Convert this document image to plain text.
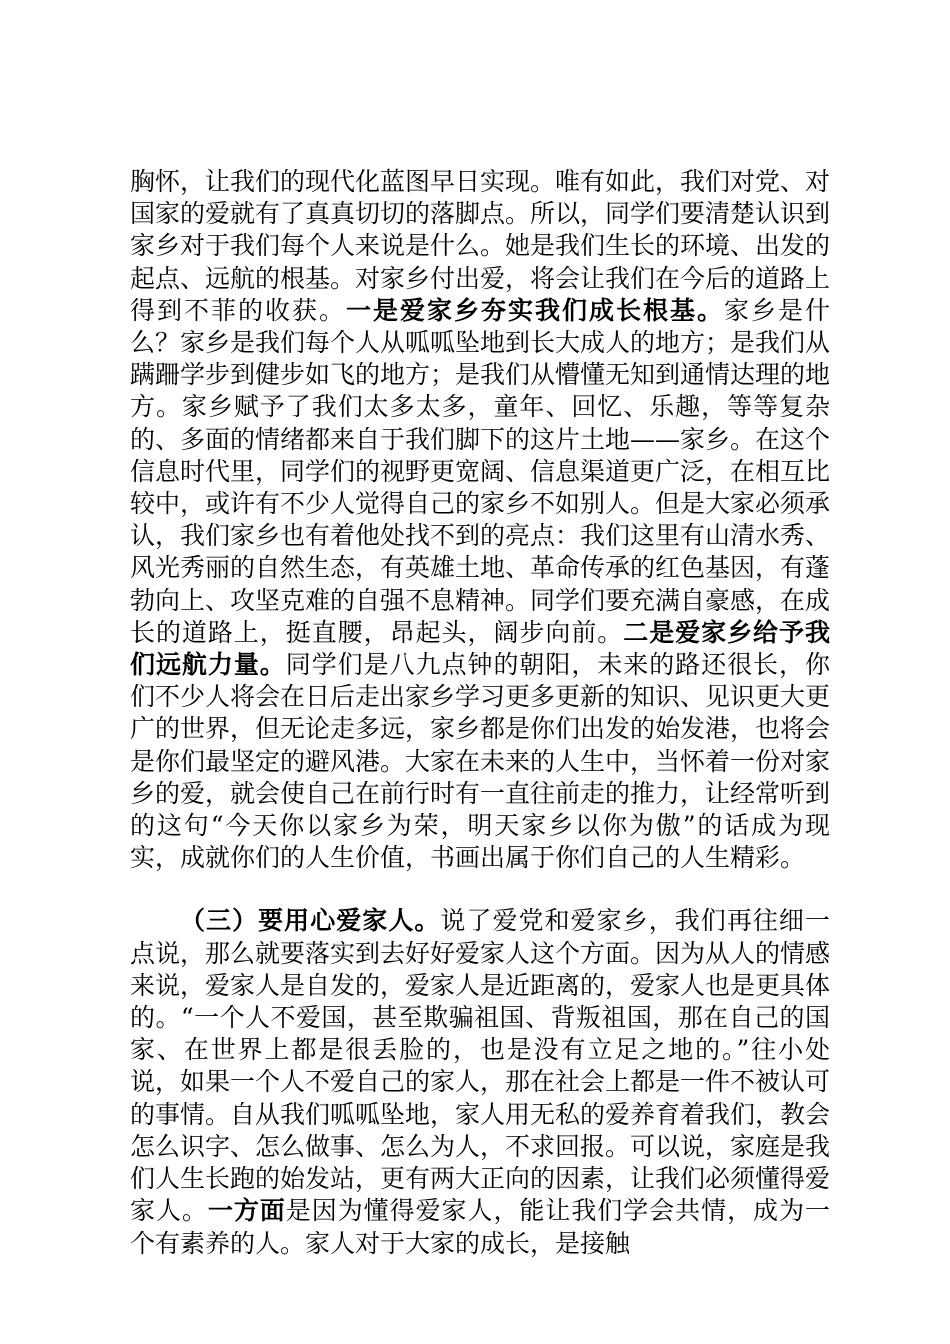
胸怀，让我们的现代化蓝图早日实现。唯有如此，我们对党、对国家的爱就有了真真切切的落脚点。所以，同学们要清楚认识到家乡对于我们每个人来说是什么。她是我们生长的环境、出发的起点、远航的根基。对家乡付出爱，将会让我们在今后的道路上得到不菲的收获。一是爱家乡夯实我们成长根基。家乡是什么？家乡是我们每个人从呱呱坠地到长大成人的地方；是我们从蹒跚学步到健步如飞的地方；是我们从懵懂无知到通情达理的地方。家乡赋予了我们太多太多，童年、回忆、乐趣，等等复杂的、多面的情绪都来自于我们脚下的这片土地——家乡。在这个信息时代里，同学们的视野更宽阔、信息渠道更广泛，在相互比较中，或许有不少人觉得自己的家乡不如别人。但是大家必须承认，我们家乡也有着他处找不到的亮点：我们这里有山清水秀、风光秀丽的自然生态，有英雄土地、革命传承的红色基因，有蓬勃向上、攻坚克难的自强不息精神。同学们要充满自豪感，在成长的道路上，挺直腰，昂起头，阔步向前。二是爱家乡给予我们远航力量。同学们是八九点钟的朝阳，未来的路还很长，你们不少人将会在日后走出家乡学习更多更新的知识、见识更大更广的世界，但无论走多远，家乡都是你们出发的始发港，也将会是你们最坚定的避风港。大家在未来的人生中，当怀着一份对家乡的爱，就会使自己在前行时有一直往前走的推力，让经常听到的这句“今天你以家乡为荣，明天家乡以你为傲”的话成为现实，成就你们的人生价值，书画出属于你们自己的人生精彩。

（三）要用心爱家人。说了爱党和爱家乡，我们再往细一点说，那么就要落实到去好好爱家人这个方面。因为从人的情感来说，爱家人是自发的，爱家人是近距离的，爱家人也是更具体的。“一个人不爱国，甚至欺骗祖国、背叛祖国，那在自己的国家、在世界上都是很丢脸的，也是没有立足之地的。”往小处说，如果一个人不爱自己的家人，那在社会上都是一件不被认可的事情。自从我们呱呱坠地，家人用无私的爱养育着我们，教会怎么识字、怎么做事、怎么为人，不求回报。可以说，家庭是我们人生长跑的始发站，更有两大正向的因素，让我们必须懂得爱家人。一方面是因为懂得爱家人，能让我们学会共情，成为一个有素养的人。家人对于大家的成长，是接触
